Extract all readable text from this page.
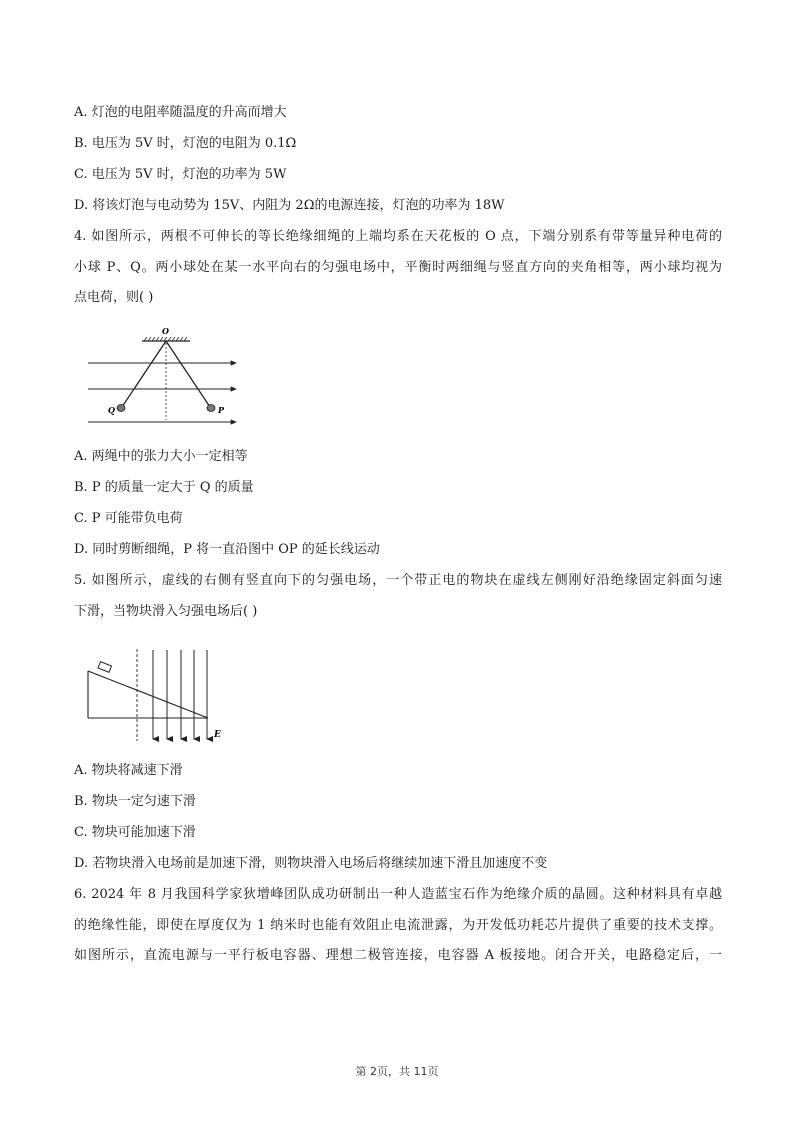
A. 灯泡的电阻率随温度的升高而增大
B. 电压为 5V 时，灯泡的电阻为 0.1Ω
C. 电压为 5V 时，灯泡的功率为 5W
D. 将该灯泡与电动势为 15V、内阻为 2Ω的电源连接，灯泡的功率为 18W
4. 如图所示，两根不可伸长的等长绝缘细绳的上端均系在天花板的 O 点，下端分别系有带等量异种电荷的
小球 P、Q。两小球处在某一水平向右的匀强电场中，平衡时两细绳与竖直方向的夹角相等，两小球均视为

点电荷，则( )
O
Q	P
A. 两绳中的张力大小一定相等
B. P 的质量一定大于 Q 的质量
C. P 可能带负电荷
D. 同时剪断细绳，P 将一直沿图中 OP 的延长线运动
5. 如图所示，虚线的右侧有竖直向下的匀强电场，一个带正电的物块在虚线左侧刚好沿绝缘固定斜面匀速

下滑，当物块滑入匀强电场后( )
E
A. 物块将减速下滑
B. 物块一定匀速下滑
C. 物块可能加速下滑
D. 若物块滑入电场前是加速下滑，则物块滑入电场后将继续加速下滑且加速度不变
6. 2024 年 8 月我国科学家狄增峰团队成功研制出一种人造蓝宝石作为绝缘介质的晶圆。这种材料具有卓越
的绝缘性能，即使在厚度仅为 1 纳米时也能有效阻止电流泄露，为开发低功耗芯片提供了重要的技术支撑。
如图所示，直流电源与一平行板电容器、理想二极管连接，电容器 A 板接地。闭合开关，电路稳定后，一
第 2页，共 11页
